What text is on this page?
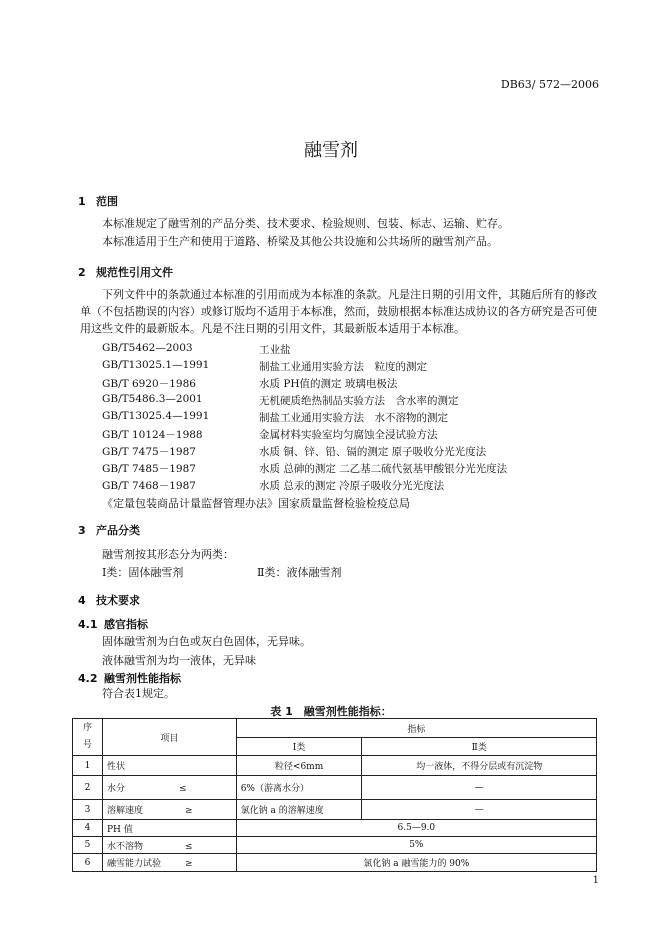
DB63/ 572—2006
融雪剂
1 范围
本标准规定了融雪剂的产品分类、技术要求、检验规则、包装、标志、运输、贮存。
本标准适用于生产和使用于道路、桥梁及其他公共设施和公共场所的融雪剂产品。
2 规范性引用文件
下列文件中的条款通过本标准的引用而成为本标准的条款。凡是注日期的引用文件，其随后所有的修改单（不包括勘误的内容）或修订版均不适用于本标准，然而，鼓励根据本标准达成协议的各方研究是否可使用这些文件的最新版本。凡是不注日期的引用文件，其最新版本适用于本标准。
GB/T5462—2003	工业盐
GB/T13025.1—1991	制盐工业通用实验方法　粒度的测定
GB/T 6920－1986	水质 PH值的测定 玻璃电极法
GB/T5486.3—2001	无机硬质绝热制品实验方法　含水率的测定
GB/T13025.4—1991	制盐工业通用实验方法　水不溶物的测定
GB/T 10124－1988	金属材料实验室均匀腐蚀全浸试验方法
GB/T 7475－1987	水质 铜、锌、铅、镉的测定 原子吸收分光光度法
GB/T 7485－1987	水质 总砷的测定 二乙基二硫代氨基甲酸银分光光度法
GB/T 7468－1987	水质 总汞的测定 冷原子吸收分光光度法
《定量包装商品计量监督管理办法》国家质量监督检验检疫总局
3 产品分类
融雪剂按其形态分为两类：
Ⅰ类：固体融雪剂	Ⅱ类：液体融雪剂
4 技术要求
4.1 感官指标
固体融雪剂为白色或灰白色固体，无异味。
液体融雪剂为均一液体，无异味
4.2 融雪剂性能指标
符合表1规定。
表 1　融雪剂性能指标：
序
号	项目	指标	
		Ⅰ类	Ⅱ类
1	性状	粒径<6mm	均一液体，不得分层或有沉淀物
2	水分 ≤	6%（游离水分）	—
3	溶解速度 ≥	氯化钠 a 的溶解速度	—
4	PH 值	6.5—9.0	
5	水不溶物 ≤	5%	
6	融雪能力试验 ≥	氯化钠 a 融雪能力的 90%	
1
